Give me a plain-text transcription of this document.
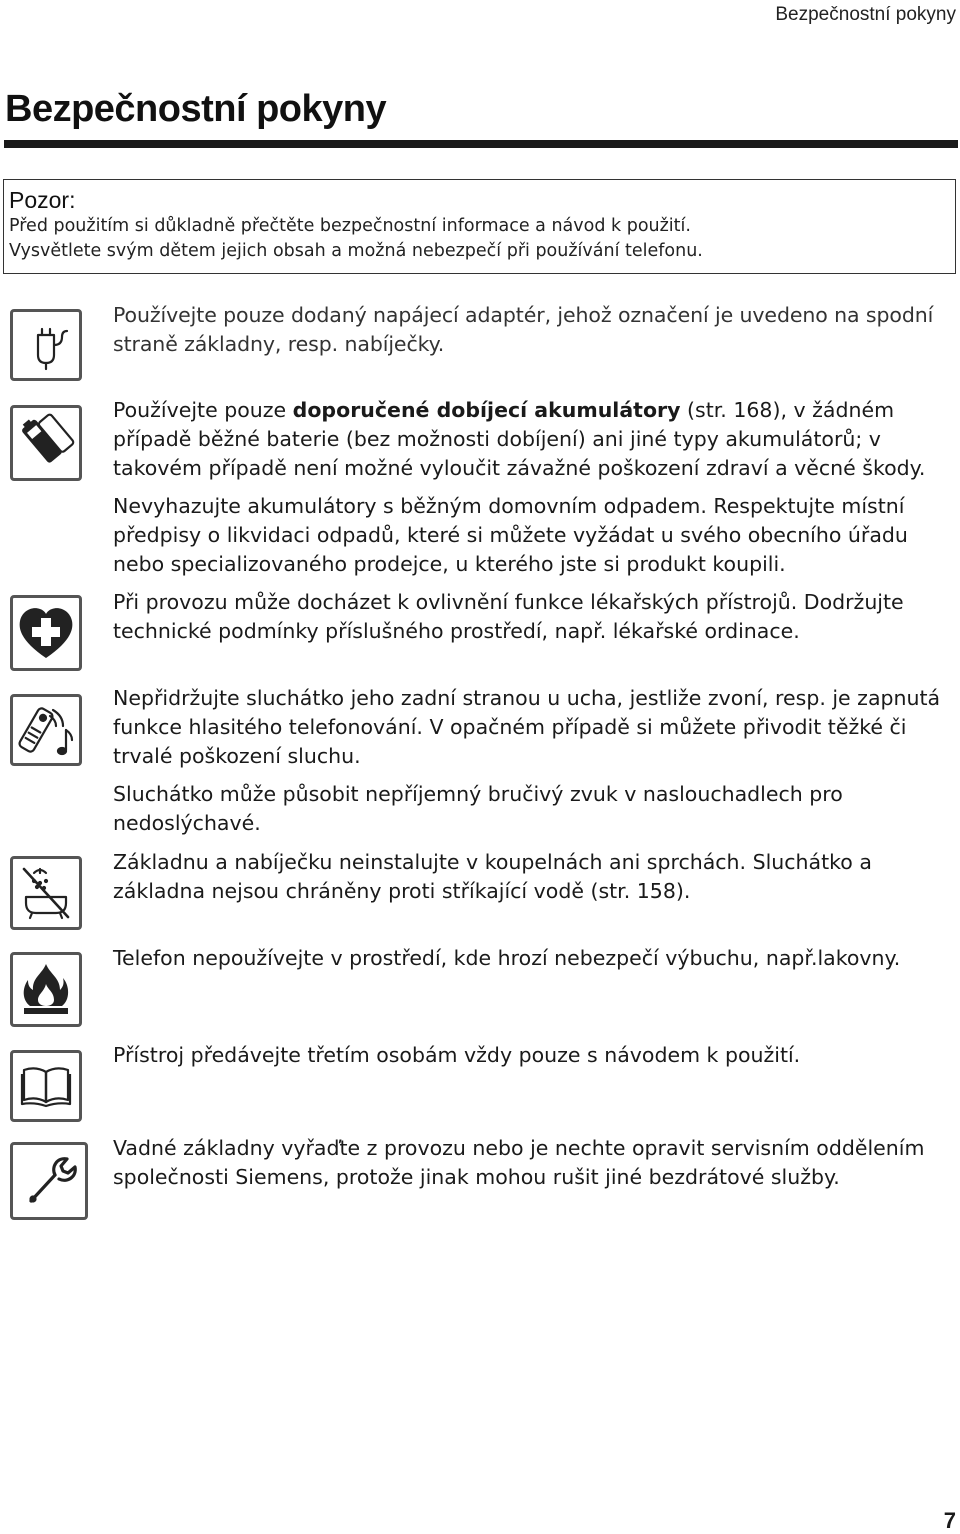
Bezpečnostní pokyny
Bezpečnostní pokyny
Pozor:
Před použitím si důkladně přečtěte bezpečnostní informace a návod k použití.
Vysvětlete svým dětem jejich obsah a možná nebezpečí při používání telefonu.

Používejte pouze dodaný napájecí adaptér, jehož označení je uvedeno na spodní straně základny, resp. nabíječky.

Používejte pouze doporučené dobíjecí akumulátory (str. 168), v žádném případě běžné baterie (bez možnosti dobíjení) ani jiné typy akumulátorů; v takovém případě není možné vyloučit závažné poškození zdraví a věcné škody.

Nevyhazujte akumulátory s běžným domovním odpadem. Respektujte místní předpisy o likvidaci odpadů, které si můžete vyžádat u svého obecního úřadu nebo specializovaného prodejce, u kterého jste si produkt koupili.

Při provozu může docházet k ovlivnění funkce lékařských přístrojů. Dodržujte technické podmínky příslušného prostředí, např. lékařské ordinace.

Nepřidržujte sluchátko jeho zadní stranou u ucha, jestliže zvoní, resp. je zapnutá funkce hlasitého telefonování. V opačném případě si můžete přivodit těžké či trvalé poškození sluchu.

Sluchátko může působit nepříjemný bručivý zvuk v naslouchadlech pro nedoslýchavé.

Základnu a nabíječku neinstalujte v koupelnách ani sprchách. Sluchátko a základna nejsou chráněny proti stříkající vodě (str. 158).

Telefon nepoužívejte v prostředí, kde hrozí nebezpečí výbuchu, např.lakovny.

Přístroj předávejte třetím osobám vždy pouze s návodem k použití.

Vadné základny vyřaďte z provozu nebo je nechte opravit servisním oddělením společnosti Siemens, protože jinak mohou rušit jiné bezdrátové služby.

7
